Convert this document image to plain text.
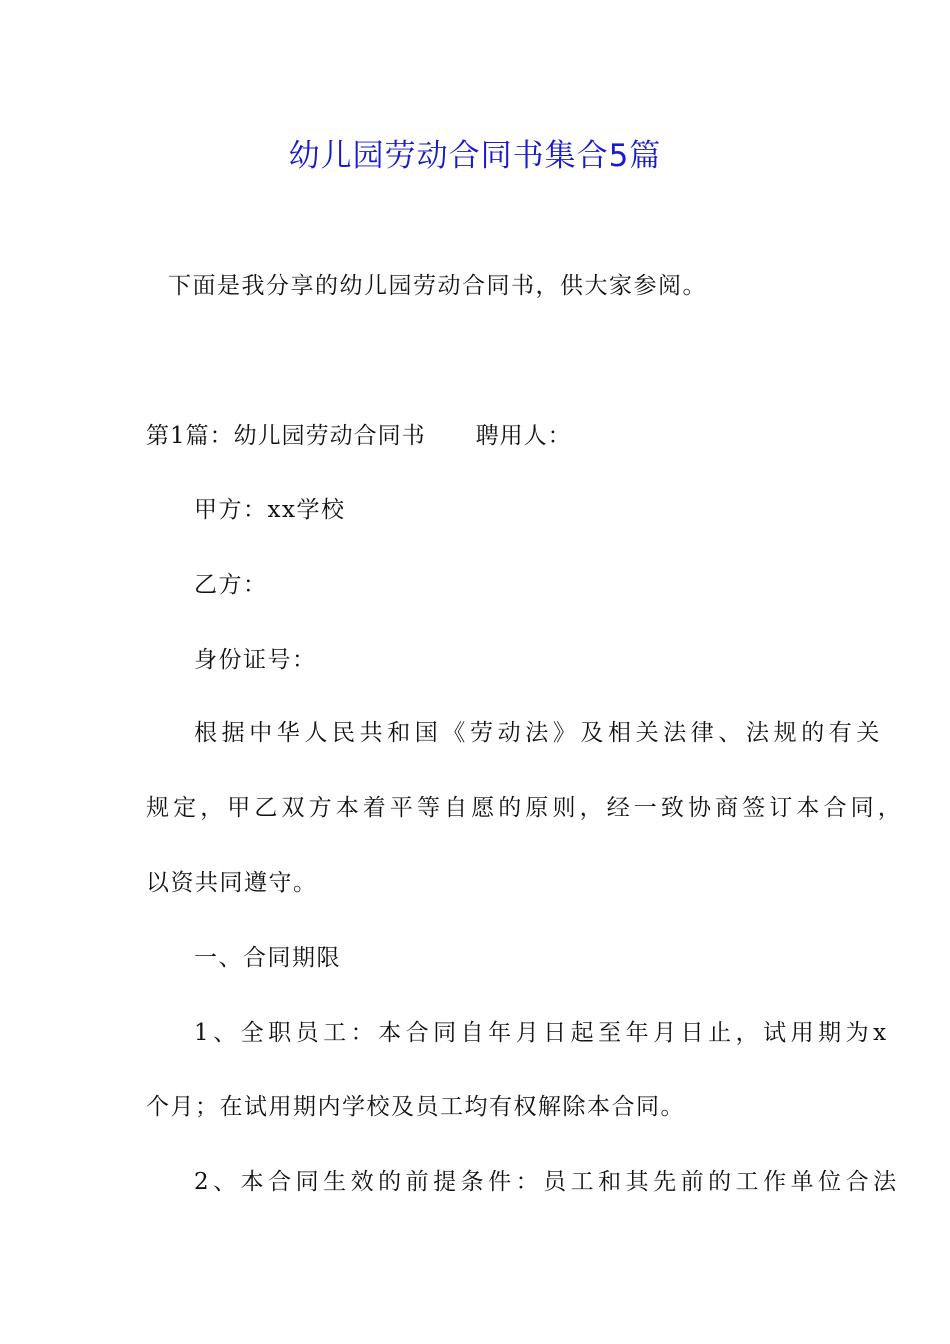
幼儿园劳动合同书集合5篇
下面是我分享的幼儿园劳动合同书，供大家参阅。
第1篇：幼儿园劳动合同书 聘用人：
甲方：xx学校
乙方：
身份证号：
根据中华人民共和国《劳动法》及相关法律、法规的有关
规定，甲乙双方本着平等自愿的原则，经一致协商签订本合同，
以资共同遵守。
一、合同期限
1、全职员工：本合同自年月日起至年月日止，试用期为x
个月；在试用期内学校及员工均有权解除本合同。
2、本合同生效的前提条件：员工和其先前的工作单位合法
